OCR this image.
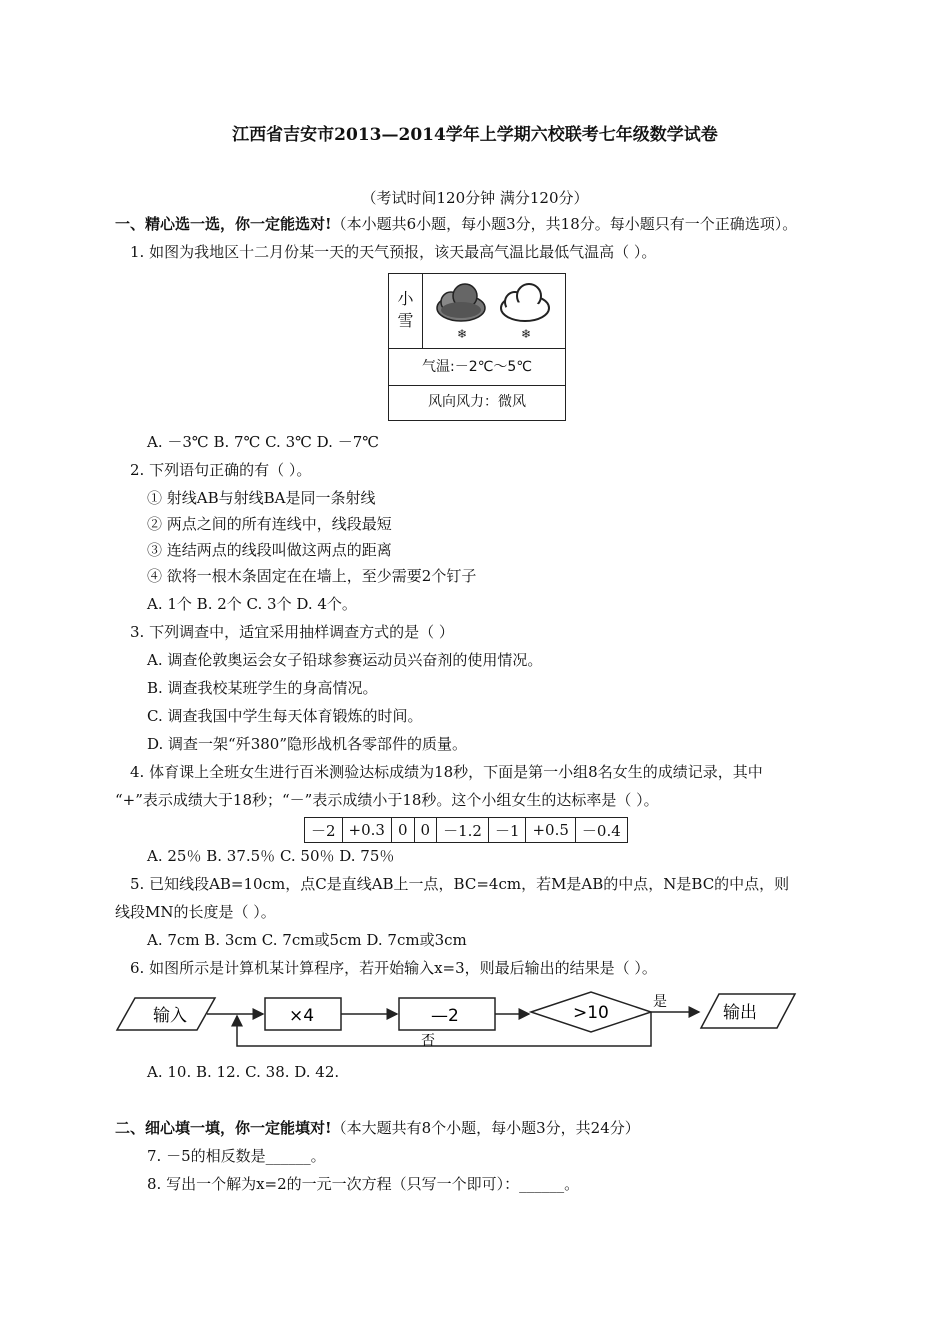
江西省吉安市2013—2014学年上学期六校联考七年级数学试卷
（考试时间120分钟 满分120分）
一、精心选一选，你一定能选对!（本小题共6小题，每小题3分，共18分。每小题只有一个正确选项）。
1. 如图为我地区十二月份某一天的天气预报，该天最高气温比最低气温高（ ）。
小雪
❄	❄
气温:－2℃～5℃
风向风力：微风
A. －3℃ B. 7℃ C. 3℃ D. －7℃
2. 下列语句正确的有（ ）。
① 射线AB与射线BA是同一条射线
② 两点之间的所有连线中，线段最短
③ 连结两点的线段叫做这两点的距离
④ 欲将一根木条固定在在墙上，至少需要2个钉子
A. 1个 B. 2个 C. 3个 D. 4个。
3. 下列调查中，适宜采用抽样调查方式的是（ ）
A. 调查伦敦奥运会女子铅球参赛运动员兴奋剂的使用情况。
B. 调查我校某班学生的身高情况。
C. 调查我国中学生每天体育锻炼的时间。
D. 调查一架“歼380”隐形战机各零部件的质量。
4. 体育课上全班女生进行百米测验达标成绩为18秒，下面是第一小组8名女生的成绩记录，其中
“+”表示成绩大于18秒；“－”表示成绩小于18秒。这个小组女生的达标率是（ ）。
－2	+0.3	0	0	－1.2	－1	+0.5	－0.4
A. 25％ B. 37.5％ C. 50％ D. 75％
5. 已知线段AB=10cm，点C是直线AB上一点，BC=4cm，若M是AB的中点，N是BC的中点，则
线段MN的长度是（ ）。
A. 7cm B. 3cm C. 7cm或5cm D. 7cm或3cm
6. 如图所示是计算机某计算程序，若开始输入x=3，则最后输出的结果是（ ）。
输入	×4	—2	>10
是
输出
否
A. 10. B. 12. C. 38. D. 42.
二、细心填一填，你一定能填对!（本大题共有8个小题，每小题3分，共24分）
7. －5的相反数是______。
8. 写出一个解为x=2的一元一次方程（只写一个即可）：______。
